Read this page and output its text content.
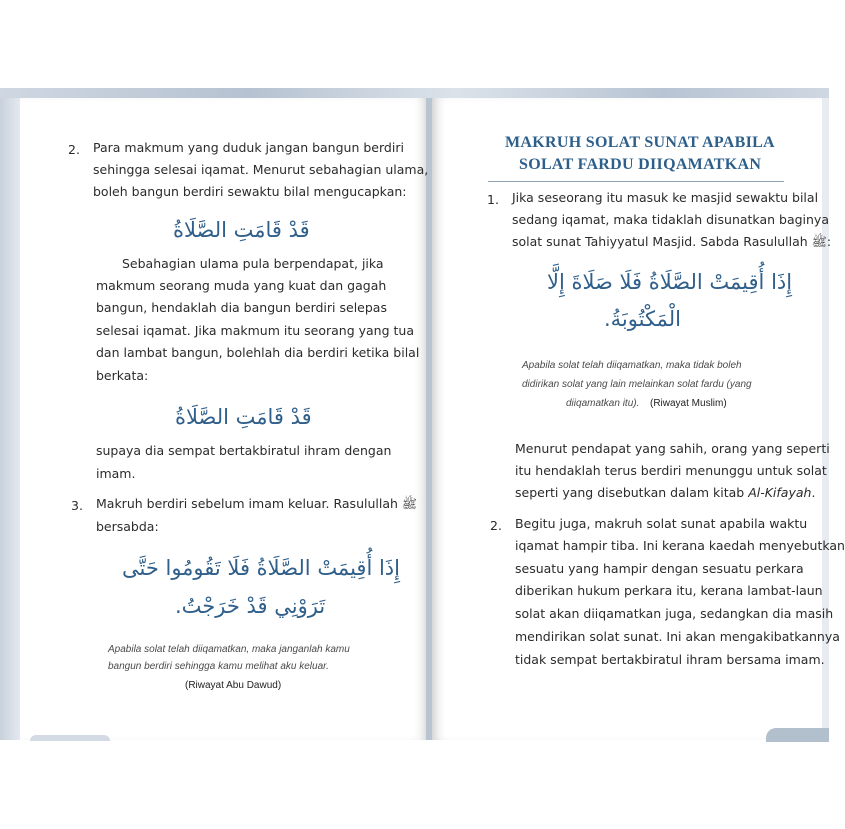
2. Para makmum yang duduk jangan bangun berdiri
sehingga selesai iqamat. Menurut sebahagian ulama,
boleh bangun berdiri sewaktu bilal mengucapkan:
قَدْ قَامَتِ الصَّلَاةُ
Sebahagian ulama pula berpendapat, jika
makmum seorang muda yang kuat dan gagah
bangun, hendaklah dia bangun berdiri selepas
selesai iqamat. Jika makmum itu seorang yang tua
dan lambat bangun, bolehlah dia berdiri ketika bilal
berkata:
قَدْ قَامَتِ الصَّلَاةُ
supaya dia sempat bertakbiratul ihram dengan
imam.
3. Makruh berdiri sebelum imam keluar. Rasulullah ﷺ
bersabda:
إِذَا أُقِيمَتْ الصَّلَاةُ فَلَا تَقُومُوا حَتَّى
تَرَوْنِي قَدْ خَرَجْتُ.
Apabila solat telah diiqamatkan, maka janganlah kamu
bangun berdiri sehingga kamu melihat aku keluar.
(Riwayat Abu Dawud)
MAKRUH SOLAT SUNAT APABILA
SOLAT FARDU DIIQAMATKAN
1. Jika seseorang itu masuk ke masjid sewaktu bilal
sedang iqamat, maka tidaklah disunatkan baginya
solat sunat Tahiyyatul Masjid. Sabda Rasulullah ﷺ:
إِذَا أُقِيمَتْ الصَّلَاةُ فَلَا صَلَاةَ إِلَّا
الْمَكْتُوبَةُ.
Apabila solat telah diiqamatkan, maka tidak boleh
didirikan solat yang lain melainkan solat fardu (yang
diiqamatkan itu). (Riwayat Muslim)
Menurut pendapat yang sahih, orang yang seperti
itu hendaklah terus berdiri menunggu untuk solat
seperti yang disebutkan dalam kitab Al-Kifayah.
2. Begitu juga, makruh solat sunat apabila waktu
iqamat hampir tiba. Ini kerana kaedah menyebutkan
sesuatu yang hampir dengan sesuatu perkara
diberikan hukum perkara itu, kerana lambat-laun
solat akan diiqamatkan juga, sedangkan dia masih
mendirikan solat sunat. Ini akan mengakibatkannya
tidak sempat bertakbiratul ihram bersama imam.
